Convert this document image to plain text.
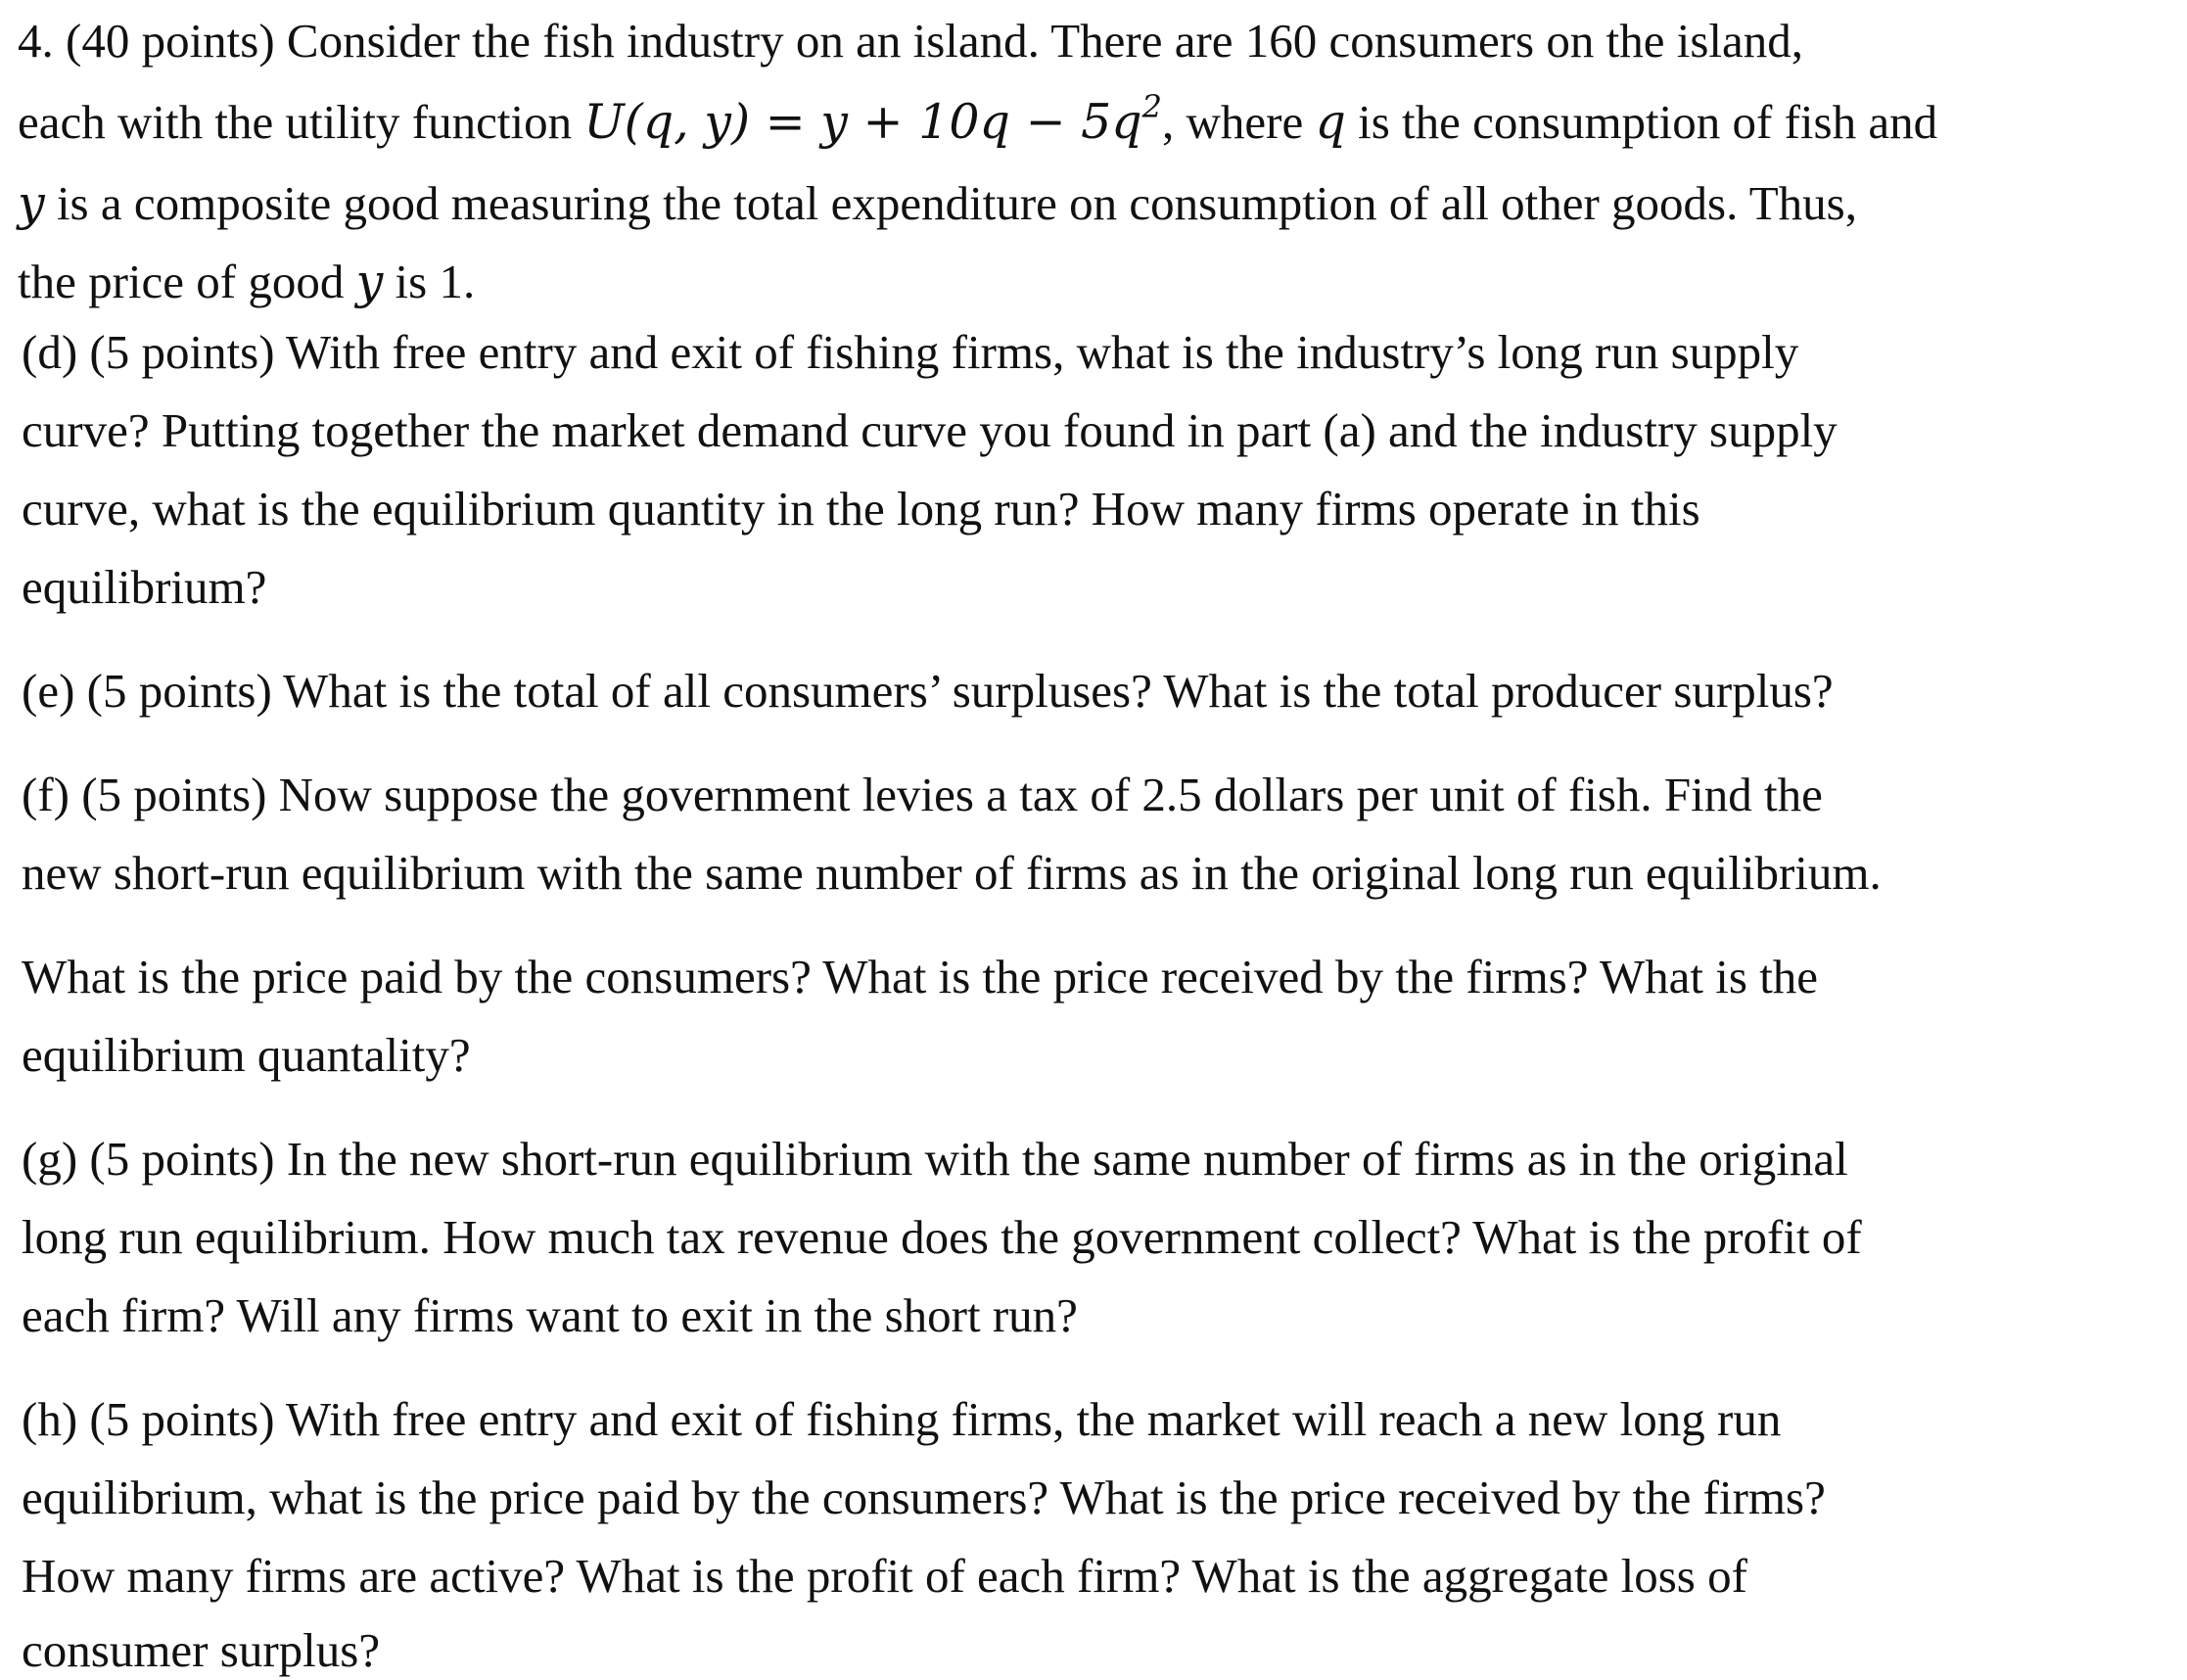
4. (40 points) Consider the fish industry on an island. There are 160 consumers on the island,
each with the utility function U(q, $y) = y + 10q - 5q^2$, where q is the consumption of fish and
y is a composite good measuring the total expenditure on consumption of all other goods. Thus,
the price of good y is 1.
(d) (5 points) With free entry and exit of fishing firms, what is the industry’s long run supply
curve? Putting together the market demand curve you found in part (a) and the industry supply
curve, what is the equilibrium quantity in the long run? How many firms operate in this
equilibrium?
(e) (5 points) What is the total of all consumers’ surpluses? What is the total producer surplus?
(f) (5 points) Now suppose the government levies a tax of 2.5 dollars per unit of fish. Find the
new short-run equilibrium with the same number of firms as in the original long run equilibrium.
What is the price paid by the consumers? What is the price received by the firms? What is the
equilibrium quantality?
(g) (5 points) In the new short-run equilibrium with the same number of firms as in the original
long run equilibrium. How much tax revenue does the government collect? What is the profit of
each firm? Will any firms want to exit in the short run?
(h) (5 points) With free entry and exit of fishing firms, the market will reach a new long run
equilibrium, what is the price paid by the consumers? What is the price received by the firms?
How many firms are active? What is the profit of each firm? What is the aggregate loss of
consumer surplus?
